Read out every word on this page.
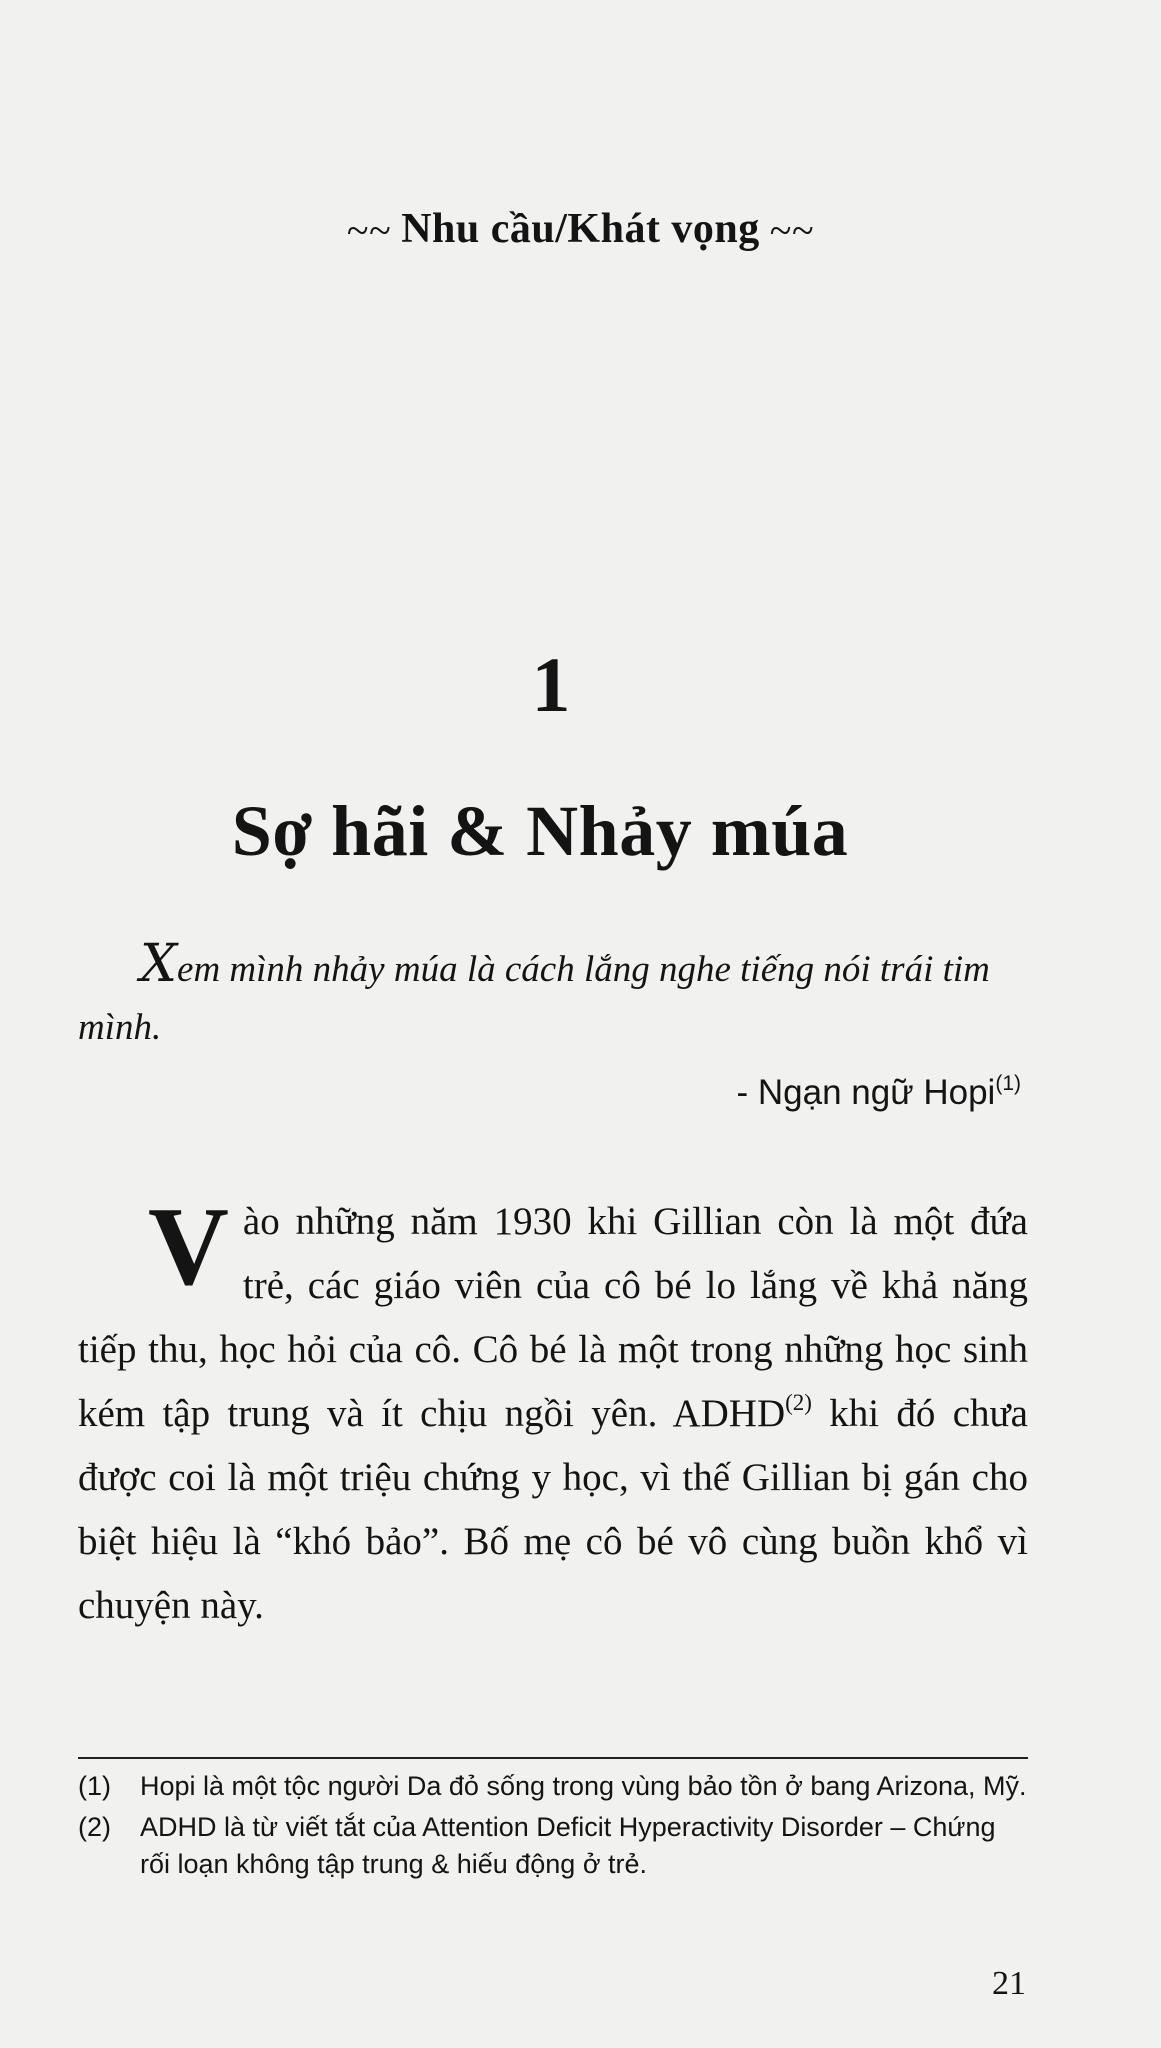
~~ Nhu cầu/Khát vọng ~~
1
Sợ hãi & Nhảy múa
Xem mình nhảy múa là cách lắng nghe tiếng nói trái tim mình.
- Ngạn ngữ Hopi$^{(1)}$
Vào những năm 1930 khi Gillian còn là một đứa trẻ, các giáo viên của cô bé lo lắng về khả năng tiếp thu, học hỏi của cô. Cô bé là một trong những học sinh kém tập trung và ít chịu ngồi yên. ADHD$^{(2)}$ khi đó chưa được coi là một triệu chứng y học, vì thế Gillian bị gán cho biệt hiệu là “khó bảo”. Bố mẹ cô bé vô cùng buồn khổ vì chuyện này.
(1)	Hopi là một tộc người Da đỏ sống trong vùng bảo tồn ở bang Arizona, Mỹ.
(2)	ADHD là từ viết tắt của Attention Deficit Hyperactivity Disorder – Chứng rối loạn không tập trung & hiếu động ở trẻ.
21
